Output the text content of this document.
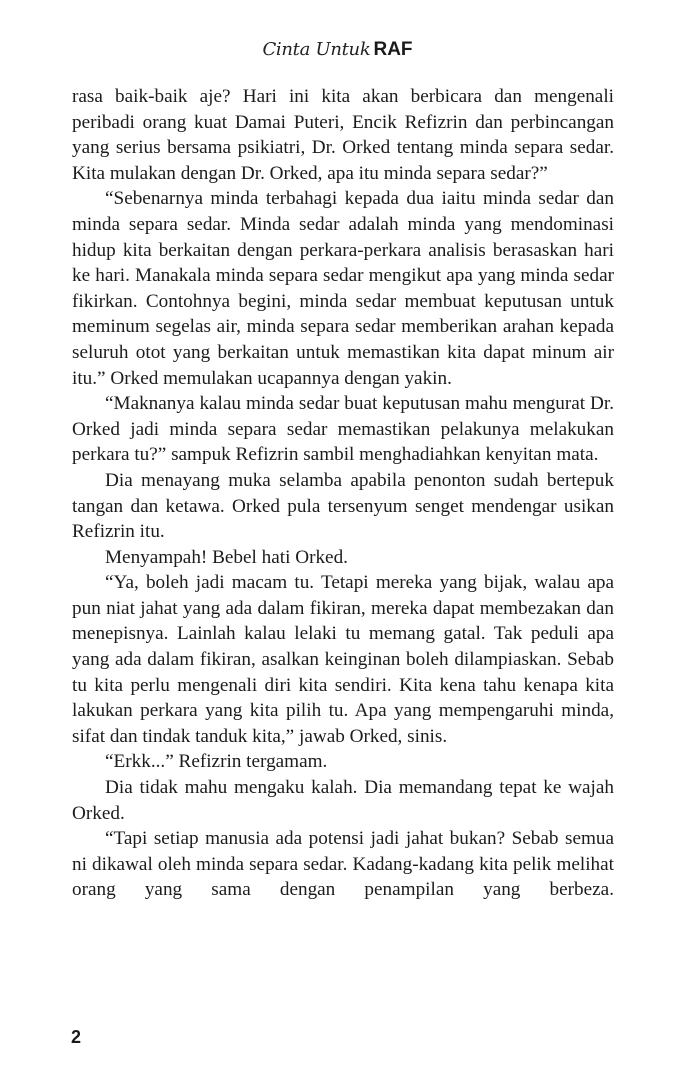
Cinta Untuk RAF

rasa baik-baik aje? Hari ini kita akan berbicara dan mengenali peribadi orang kuat Damai Puteri, Encik Refizrin dan perbincangan yang serius bersama psikiatri, Dr. Orked tentang minda separa sedar. Kita mulakan dengan Dr. Orked, apa itu minda separa sedar?”

“Sebenarnya minda terbahagi kepada dua iaitu minda sedar dan minda separa sedar. Minda sedar adalah minda yang mendominasi hidup kita berkaitan dengan perkara-perkara analisis berasaskan hari ke hari. Manakala minda separa sedar mengikut apa yang minda sedar fikirkan. Contohnya begini, minda sedar membuat keputusan untuk meminum segelas air, minda separa sedar memberikan arahan kepada seluruh otot yang berkaitan untuk memastikan kita dapat minum air itu.” Orked memulakan ucapannya dengan yakin.

“Maknanya kalau minda sedar buat keputusan mahu mengurat Dr. Orked jadi minda separa sedar memastikan pelakunya melakukan perkara tu?” sampuk Refizrin sambil menghadiahkan kenyitan mata.

Dia menayang muka selamba apabila penonton sudah bertepuk tangan dan ketawa. Orked pula tersenyum senget mendengar usikan Refizrin itu.

Menyampah! Bebel hati Orked.

“Ya, boleh jadi macam tu. Tetapi mereka yang bijak, walau apa pun niat jahat yang ada dalam fikiran, mereka dapat membezakan dan menepisnya. Lainlah kalau lelaki tu memang gatal. Tak peduli apa yang ada dalam fikiran, asalkan keinginan boleh dilampiaskan. Sebab tu kita perlu mengenali diri kita sendiri. Kita kena tahu kenapa kita lakukan perkara yang kita pilih tu. Apa yang mempengaruhi minda, sifat dan tindak tanduk kita,” jawab Orked, sinis.

“Erkk...” Refizrin tergamam.

Dia tidak mahu mengaku kalah. Dia memandang tepat ke wajah Orked.

“Tapi setiap manusia ada potensi jadi jahat bukan? Sebab semua ni dikawal oleh minda separa sedar. Kadang-kadang kita pelik melihat orang yang sama dengan penampilan yang berbeza.

2
